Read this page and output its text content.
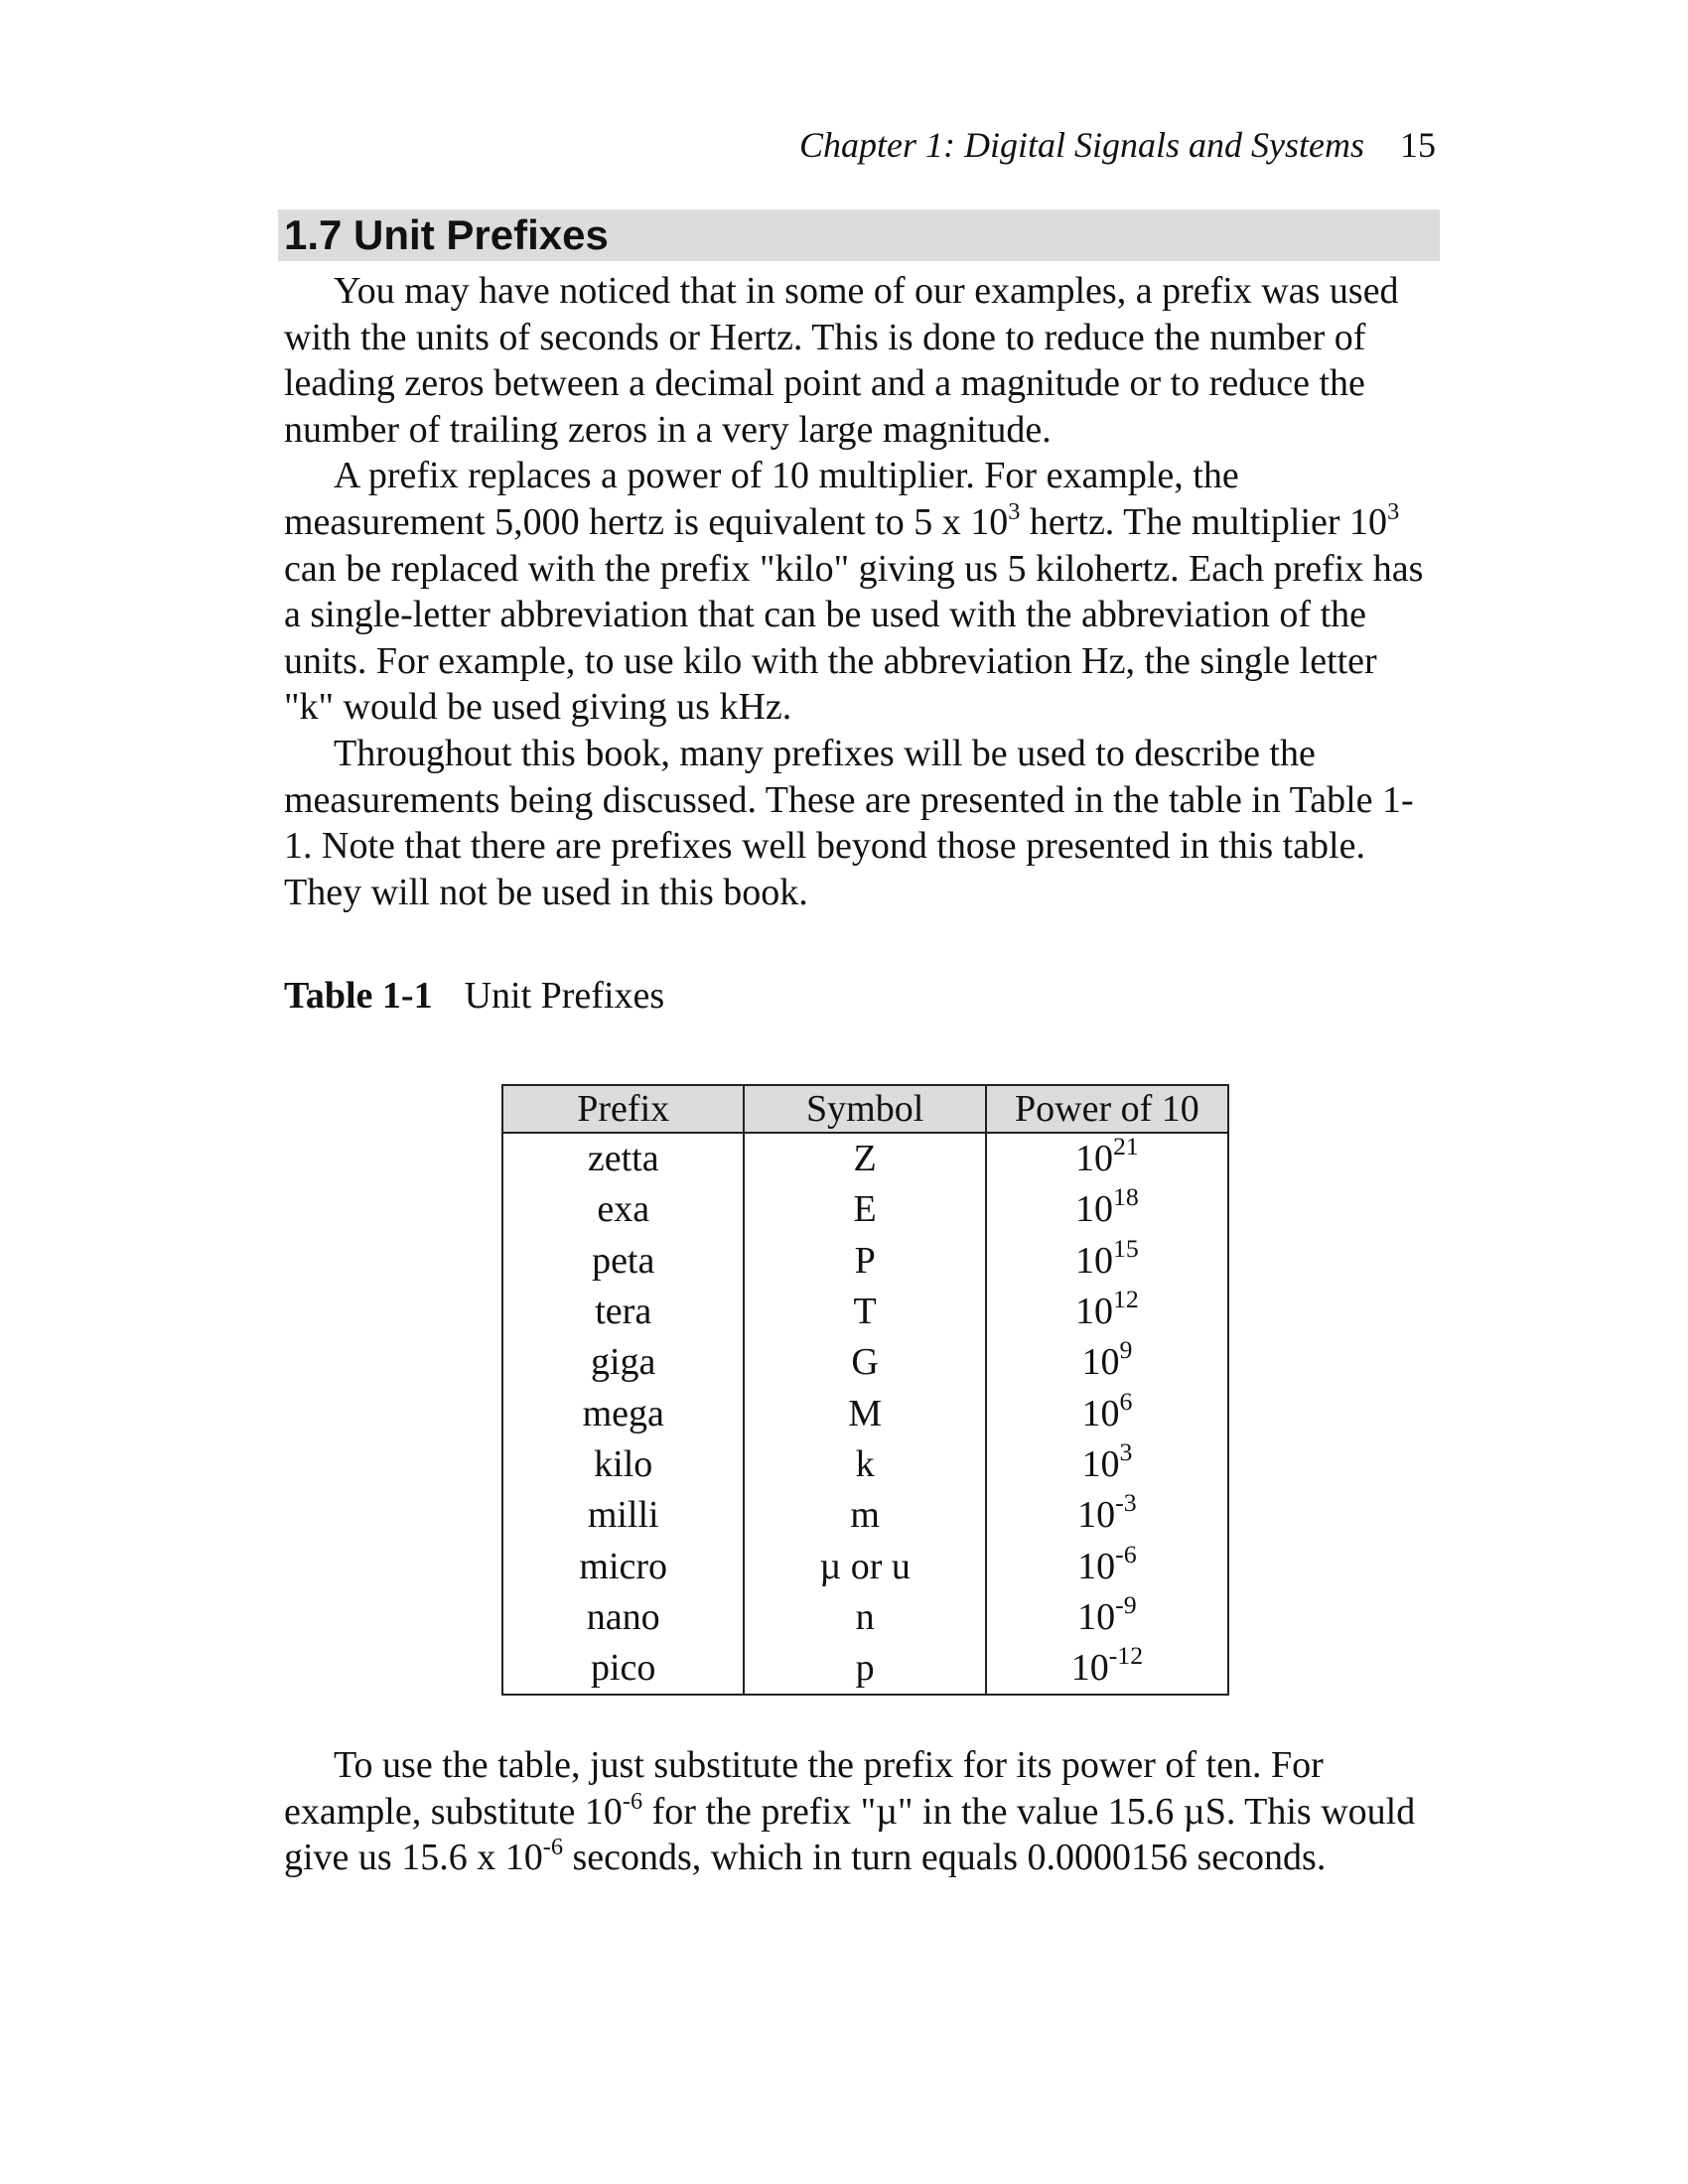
Chapter 1: Digital Signals and Systems 15
1.7 Unit Prefixes

You may have noticed that in some of our examples, a prefix was used with the units of seconds or Hertz. This is done to reduce the number of leading zeros between a decimal point and a magnitude or to reduce the number of trailing zeros in a very large magnitude.

A prefix replaces a power of 10 multiplier. For example, the measurement 5,000 hertz is equivalent to 5 x $10^3$ hertz. The multiplier $10^3$ can be replaced with the prefix "kilo" giving us 5 kilohertz. Each prefix has a single-letter abbreviation that can be used with the abbreviation of the units. For example, to use kilo with the abbreviation Hz, the single letter "k" would be used giving us kHz.

Throughout this book, many prefixes will be used to describe the measurements being discussed. These are presented in the table in Table 1-1. Note that there are prefixes well beyond those presented in this table. They will not be used in this book.

Table 1-1 Unit Prefixes
Prefix	Symbol	Power of 10
zetta	Z	$10^{21}$
exa	E	$10^{18}$
peta	P	$10^{15}$
tera	T	$10^{12}$
giga	G	$10^9$
mega	M	$10^6$
kilo	k	$10^3$
milli	m	$10^{-3}$
micro	µ or u	$10^{-6}$
nano	n	$10^{-9}$
pico	p	$10^{-12}$

To use the table, just substitute the prefix for its power of ten. For example, substitute $10^{-6}$ for the prefix "µ" in the value 15.6 µS. This would give us 15.6 x $10^{-6}$ seconds, which in turn equals 0.0000156 seconds.
